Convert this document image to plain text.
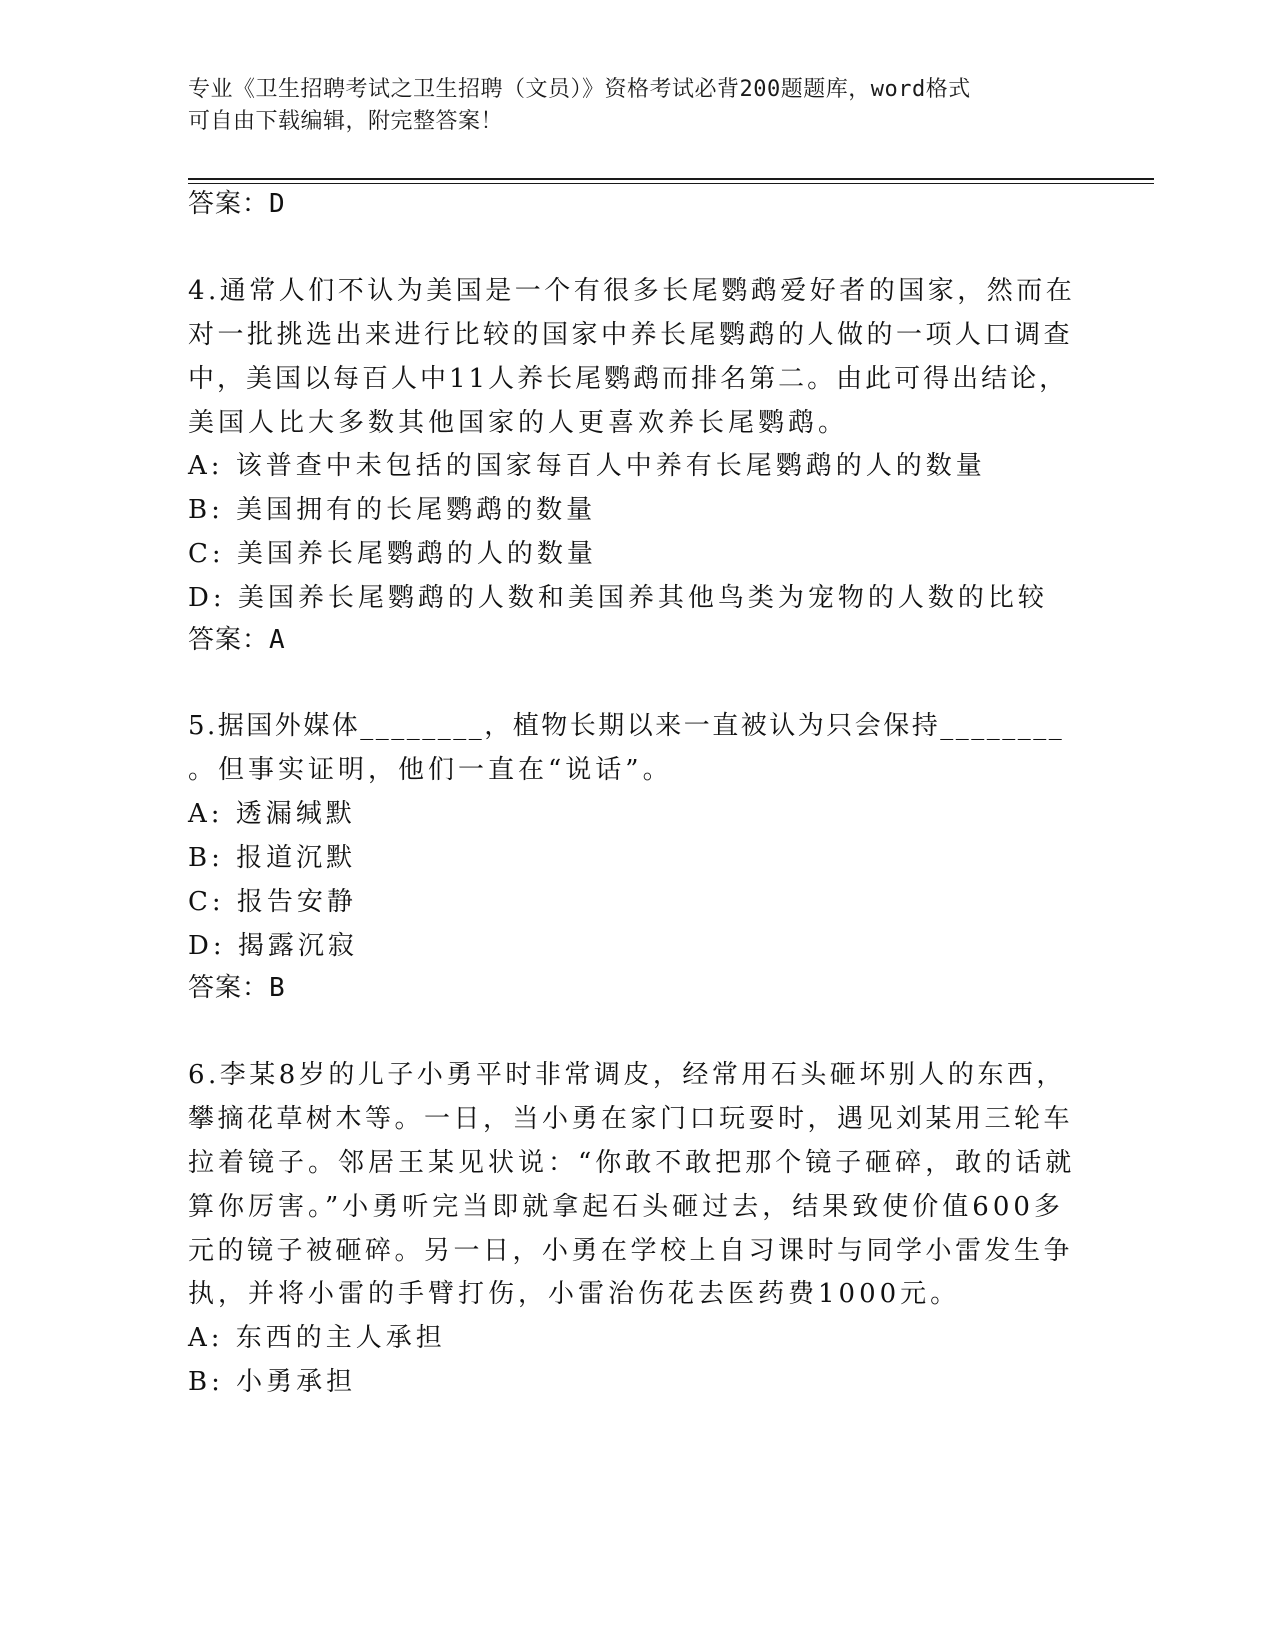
专业《卫生招聘考试之卫生招聘（文员）》资格考试必背200题题库，word格式
可自由下载编辑，附完整答案！
答案：D
4.通常人们不认为美国是一个有很多长尾鹦鹉爱好者的国家，然而在
对一批挑选出来进行比较的国家中养长尾鹦鹉的人做的一项人口调查
中，美国以每百人中11人养长尾鹦鹉而排名第二。由此可得出结论，
美国人比大多数其他国家的人更喜欢养长尾鹦鹉。
A: 该普查中未包括的国家每百人中养有长尾鹦鹉的人的数量
B: 美国拥有的长尾鹦鹉的数量
C: 美国养长尾鹦鹉的人的数量
D: 美国养长尾鹦鹉的人数和美国养其他鸟类为宠物的人数的比较
答案：A
5.据国外媒体________，植物长期以来一直被认为只会保持________
。但事实证明，他们一直在“说话”。
A: 透漏缄默
B: 报道沉默
C: 报告安静
D: 揭露沉寂
答案：B
6.李某8岁的儿子小勇平时非常调皮，经常用石头砸坏别人的东西，
攀摘花草树木等。一日，当小勇在家门口玩耍时，遇见刘某用三轮车
拉着镜子。邻居王某见状说：“你敢不敢把那个镜子砸碎，敢的话就
算你厉害。”小勇听完当即就拿起石头砸过去，结果致使价值600多
元的镜子被砸碎。另一日，小勇在学校上自习课时与同学小雷发生争
执，并将小雷的手臂打伤，小雷治伤花去医药费1000元。
A: 东西的主人承担
B: 小勇承担
